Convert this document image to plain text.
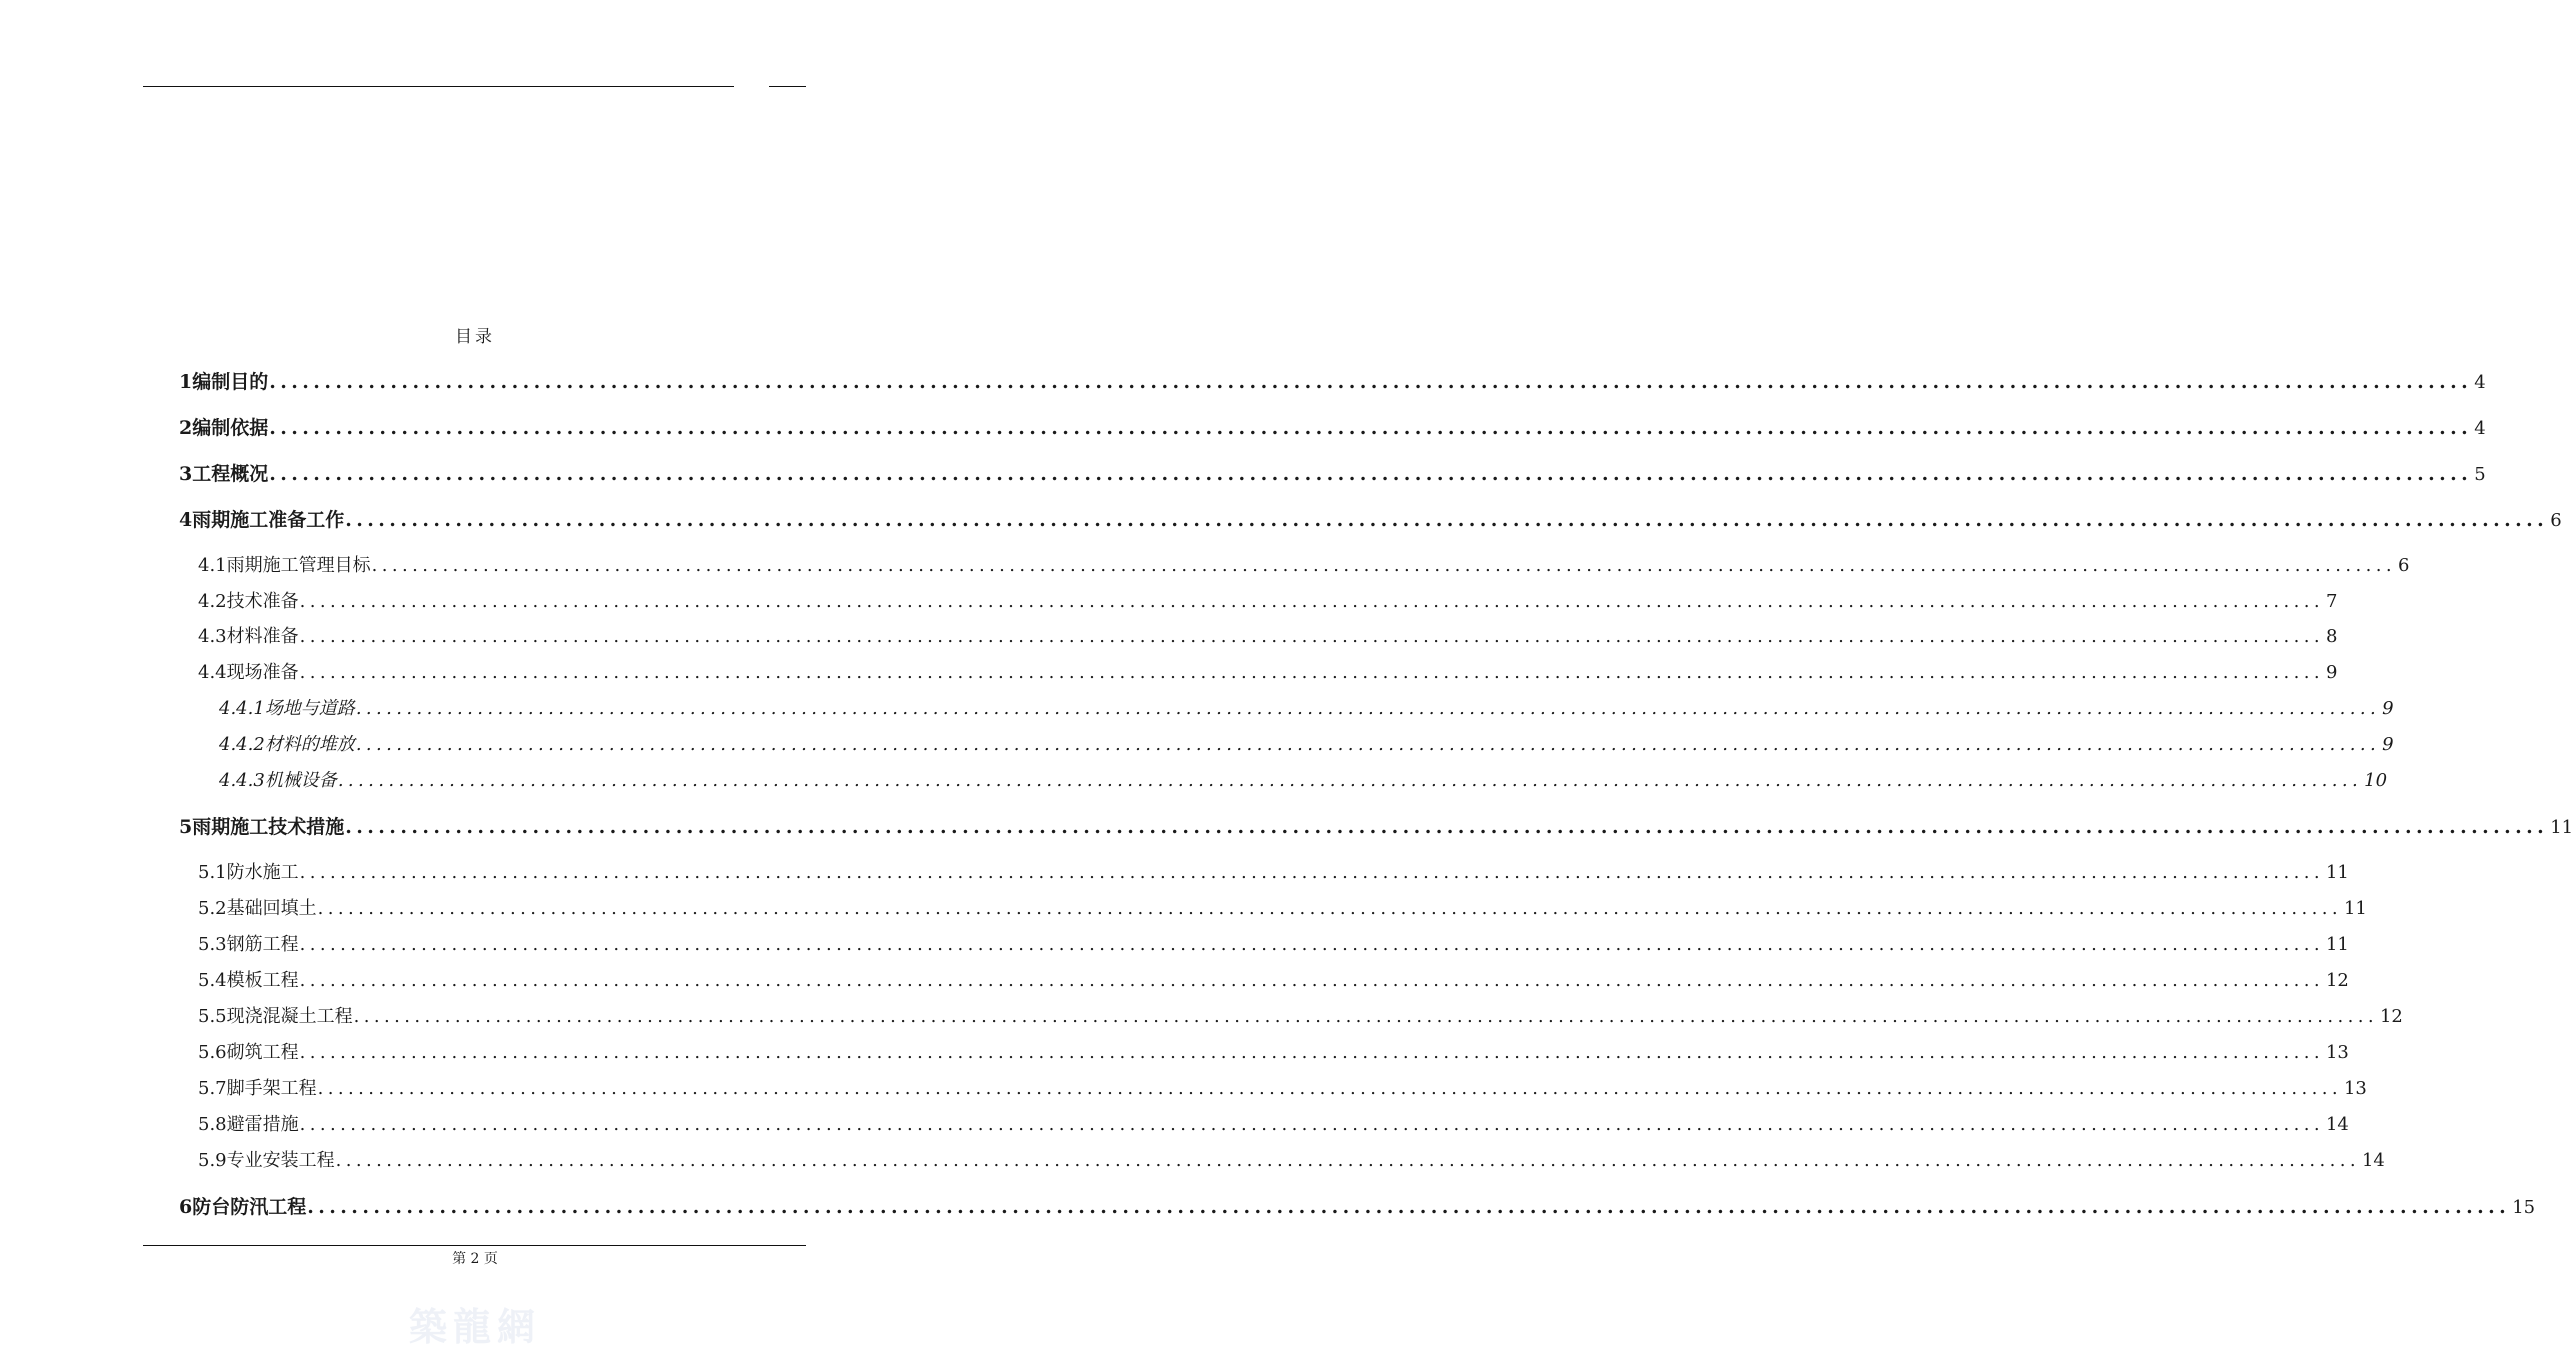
目录
1 编制目的 ........................................................................................................................................................................................................ 4
2 编制依据 ........................................................................................................................................................................................................ 4
3 工程概况 ........................................................................................................................................................................................................ 5
4 雨期施工准备工作 ........................................................................................................................................................................................................ 6
4.1 雨期施工管理目标 ........................................................................................................................................................................................................ 6
4.2 技术准备 ........................................................................................................................................................................................................ 7
4.3 材料准备 ........................................................................................................................................................................................................ 8
4.4 现场准备 ........................................................................................................................................................................................................ 9
4.4.1 场地与道路 ........................................................................................................................................................................................................ 9
4.4.2 材料的堆放 ........................................................................................................................................................................................................ 9
4.4.3 机械设备 ........................................................................................................................................................................................................ 10
5 雨期施工技术措施 ........................................................................................................................................................................................................ 11
5.1 防水施工 ........................................................................................................................................................................................................ 11
5.2 基础回填土 ........................................................................................................................................................................................................ 11
5.3 钢筋工程 ........................................................................................................................................................................................................ 11
5.4 模板工程 ........................................................................................................................................................................................................ 12
5.5 现浇混凝土工程 ........................................................................................................................................................................................................ 12
5.6 砌筑工程 ........................................................................................................................................................................................................ 13
5.7 脚手架工程 ........................................................................................................................................................................................................ 13
5.8 避雷措施 ........................................................................................................................................................................................................ 14
5.9 专业安装工程 ........................................................................................................................................................................................................ 14
6 防台防汛工程 ........................................................................................................................................................................................................ 15
第 2 页
築龍網
